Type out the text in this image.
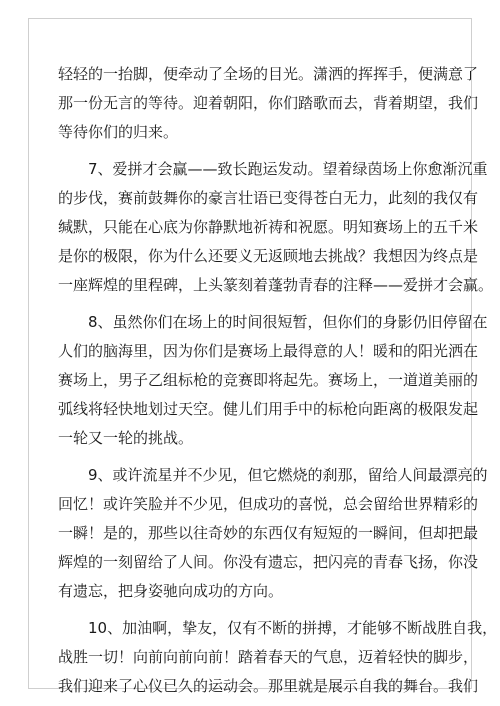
轻轻的一抬脚，便牵动了全场的目光。潇洒的挥挥手，便满意了
那一份无言的等待。迎着朝阳，你们踏歌而去，背着期望，我们
等待你们的归来。
7、爱拼才会赢——致长跑运发动。望着绿茵场上你愈渐沉重
的步伐，赛前鼓舞你的豪言壮语已变得苍白无力，此刻的我仅有
缄默，只能在心底为你静默地祈祷和祝愿。明知赛场上的五千米
是你的极限，你为什么还要义无返顾地去挑战？我想因为终点是
一座辉煌的里程碑，上头篆刻着蓬勃青春的注释——爱拼才会赢。
8、虽然你们在场上的时间很短暂，但你们的身影仍旧停留在
人们的脑海里，因为你们是赛场上最得意的人！暖和的阳光洒在
赛场上，男子乙组标枪的竞赛即将起先。赛场上，一道道美丽的
弧线将轻快地划过天空。健儿们用手中的标枪向距离的极限发起
一轮又一轮的挑战。
9、或许流星并不少见，但它燃烧的刹那，留给人间最漂亮的
回忆！或许笑脸并不少见，但成功的喜悦，总会留给世界精彩的
一瞬！是的，那些以往奇妙的东西仅有短短的一瞬间，但却把最
辉煌的一刻留给了人间。你没有遗忘，把闪亮的青春飞扬，你没
有遗忘，把身姿驰向成功的方向。
10、加油啊，挚友，仅有不断的拼搏，才能够不断战胜自我，
战胜一切！向前向前向前！踏着春天的气息，迈着轻快的脚步，
我们迎来了心仪已久的运动会。那里就是展示自我的舞台。我们
